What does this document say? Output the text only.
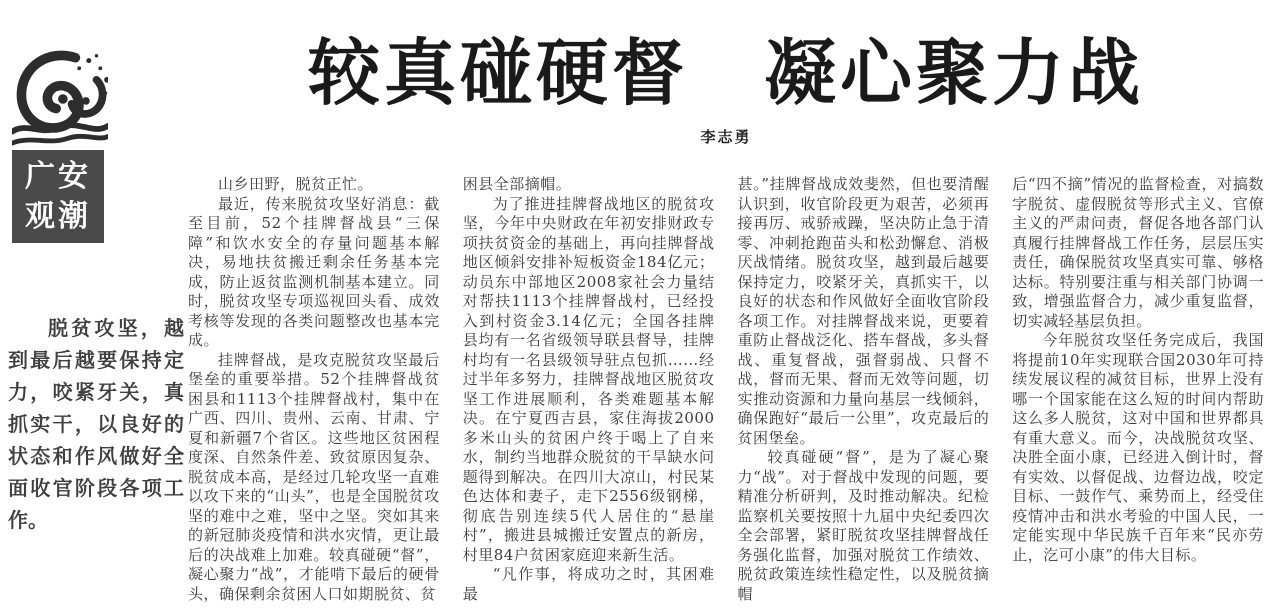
广安
观潮

脱贫攻坚，越到最后越要保持定力，咬紧牙关，真抓实干，以良好的状态和作风做好全面收官阶段各项工作。

较真碰硬督　凝心聚力战
李志勇

山乡田野，脱贫正忙。

最近，传来脱贫攻坚好消息：截至目前，52个挂牌督战县“三保障”和饮水安全的存量问题基本解决，易地扶贫搬迁剩余任务基本完成，防止返贫监测机制基本建立。同时，脱贫攻坚专项巡视回头看、成效考核等发现的各类问题整改也基本完成。

挂牌督战，是攻克脱贫攻坚最后堡垒的重要举措。52个挂牌督战贫困县和1113个挂牌督战村，集中在广西、四川、贵州、云南、甘肃、宁夏和新疆7个省区。这些地区贫困程度深、自然条件差、致贫原因复杂、脱贫成本高，是经过几轮攻坚一直难以攻下来的“山头”，也是全国脱贫攻坚的难中之难，坚中之坚。突如其来的新冠肺炎疫情和洪水灾情，更让最后的决战难上加难。较真碰硬“督”，凝心聚力“战”，才能啃下最后的硬骨头，确保剩余贫困人口如期脱贫、贫

困县全部摘帽。

为了推进挂牌督战地区的脱贫攻坚，今年中央财政在年初安排财政专项扶贫资金的基础上，再向挂牌督战地区倾斜安排补短板资金184亿元；动员东中部地区2008家社会力量结对帮扶1113个挂牌督战村，已经投入到村资金3.14亿元；全国各挂牌县均有一名省级领导联县督导，挂牌村均有一名县级领导驻点包抓……经过半年多努力，挂牌督战地区脱贫攻坚工作进展顺利，各类难题基本解决。在宁夏西吉县，家住海拔2000多米山头的贫困户终于喝上了自来水，制约当地群众脱贫的干旱缺水问题得到解决。在四川大凉山，村民某色达体和妻子，走下2556级钢梯，彻底告别连续5代人居住的“悬崖村”，搬进县城搬迁安置点的新房，村里84户贫困家庭迎来新生活。

“凡作事，将成功之时，其困难最

甚。”挂牌督战成效斐然，但也要清醒认识到，收官阶段更为艰苦，必须再接再厉、戒骄戒躁，坚决防止急于清零、冲刺抢跑苗头和松劲懈怠、消极厌战情绪。脱贫攻坚，越到最后越要保持定力，咬紧牙关，真抓实干，以良好的状态和作风做好全面收官阶段各项工作。对挂牌督战来说，更要着重防止督战泛化、搭车督战，多头督战、重复督战，强督弱战、只督不战，督而无果、督而无效等问题，切实推动资源和力量向基层一线倾斜，确保跑好“最后一公里”，攻克最后的贫困堡垒。

较真碰硬“督”，是为了凝心聚力“战”。对于督战中发现的问题，要精准分析研判，及时推动解决。纪检监察机关要按照十九届中央纪委四次全会部署，紧盯脱贫攻坚挂牌督战任务强化监督，加强对脱贫工作绩效、脱贫政策连续性稳定性，以及脱贫摘帽

后“四不摘”情况的监督检查，对搞数字脱贫、虚假脱贫等形式主义、官僚主义的严肃问责，督促各地各部门认真履行挂牌督战工作任务，层层压实责任，确保脱贫攻坚真实可靠、够格达标。特别要注重与相关部门协调一致，增强监督合力，减少重复监督，切实减轻基层负担。

今年脱贫攻坚任务完成后，我国将提前10年实现联合国2030年可持续发展议程的减贫目标，世界上没有哪一个国家能在这么短的时间内帮助这么多人脱贫，这对中国和世界都具有重大意义。而今，决战脱贫攻坚、决胜全面小康，已经进入倒计时，督有实效、以督促战、边督边战，咬定目标、一鼓作气、乘势而上，经受住疫情冲击和洪水考验的中国人民，一定能实现中华民族千百年来“民亦劳止，汔可小康”的伟大目标。
